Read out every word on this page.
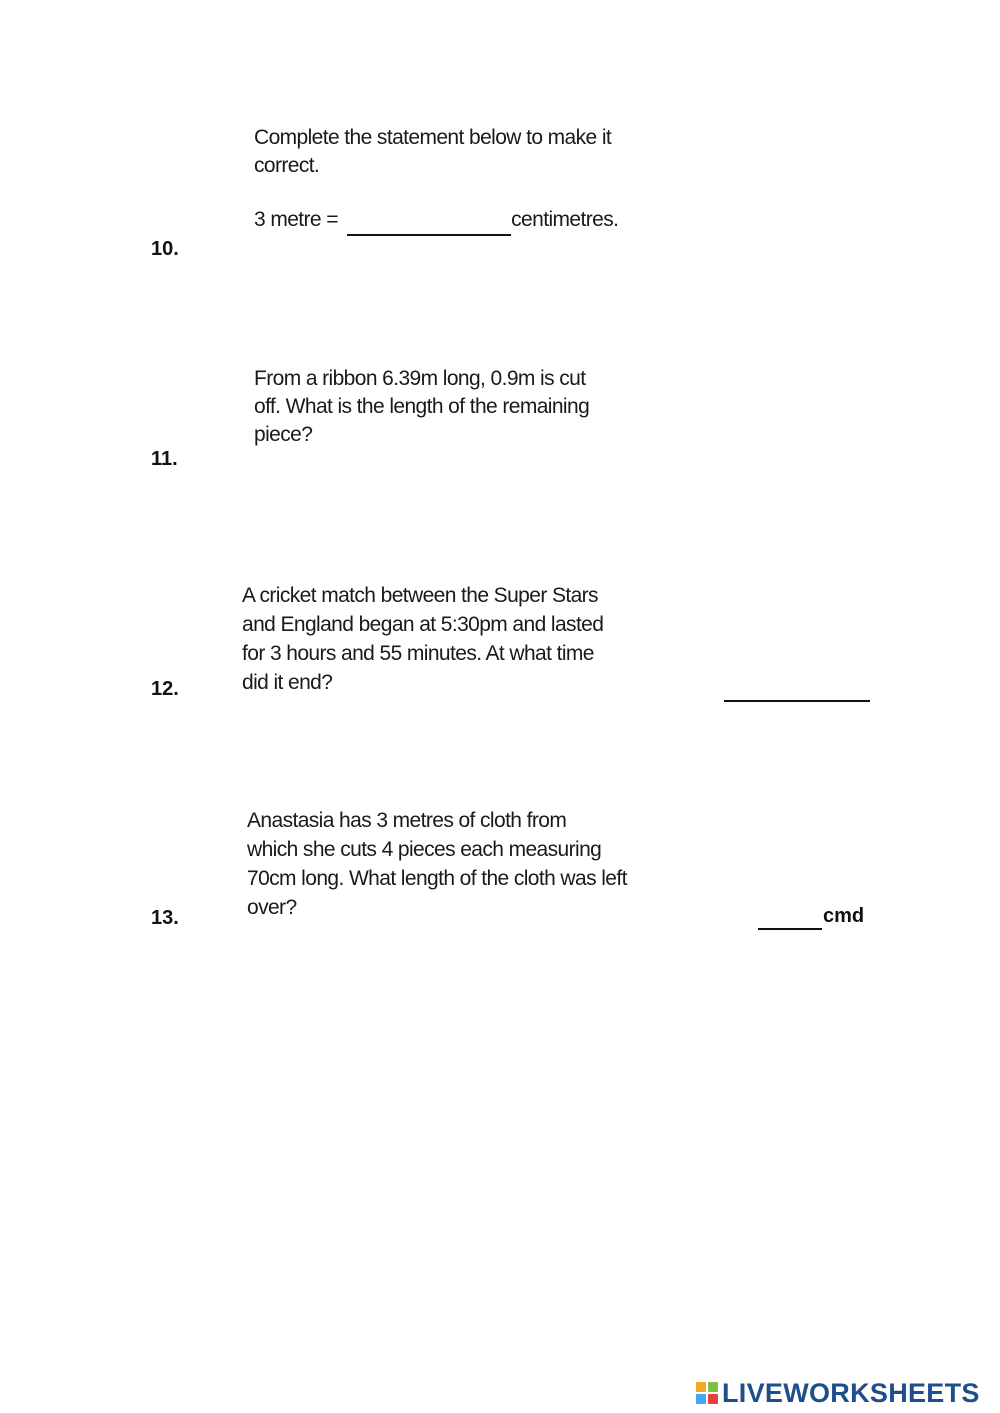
Complete the statement below to make it

correct.

3 metre =	centimetres.

10.

From a ribbon 6.39m long, 0.9m is cut

off. What is the length of the remaining

piece?

11.

A cricket match between the Super Stars

and England began at 5:30pm and lasted

for 3 hours and 55 minutes. At what time

did it end?

12.

Anastasia has 3 metres of cloth from

which she cuts 4 pieces each measuring

70cm long. What length of the cloth was left

over?

13.	cmd
LIVEWORKSHEETS
